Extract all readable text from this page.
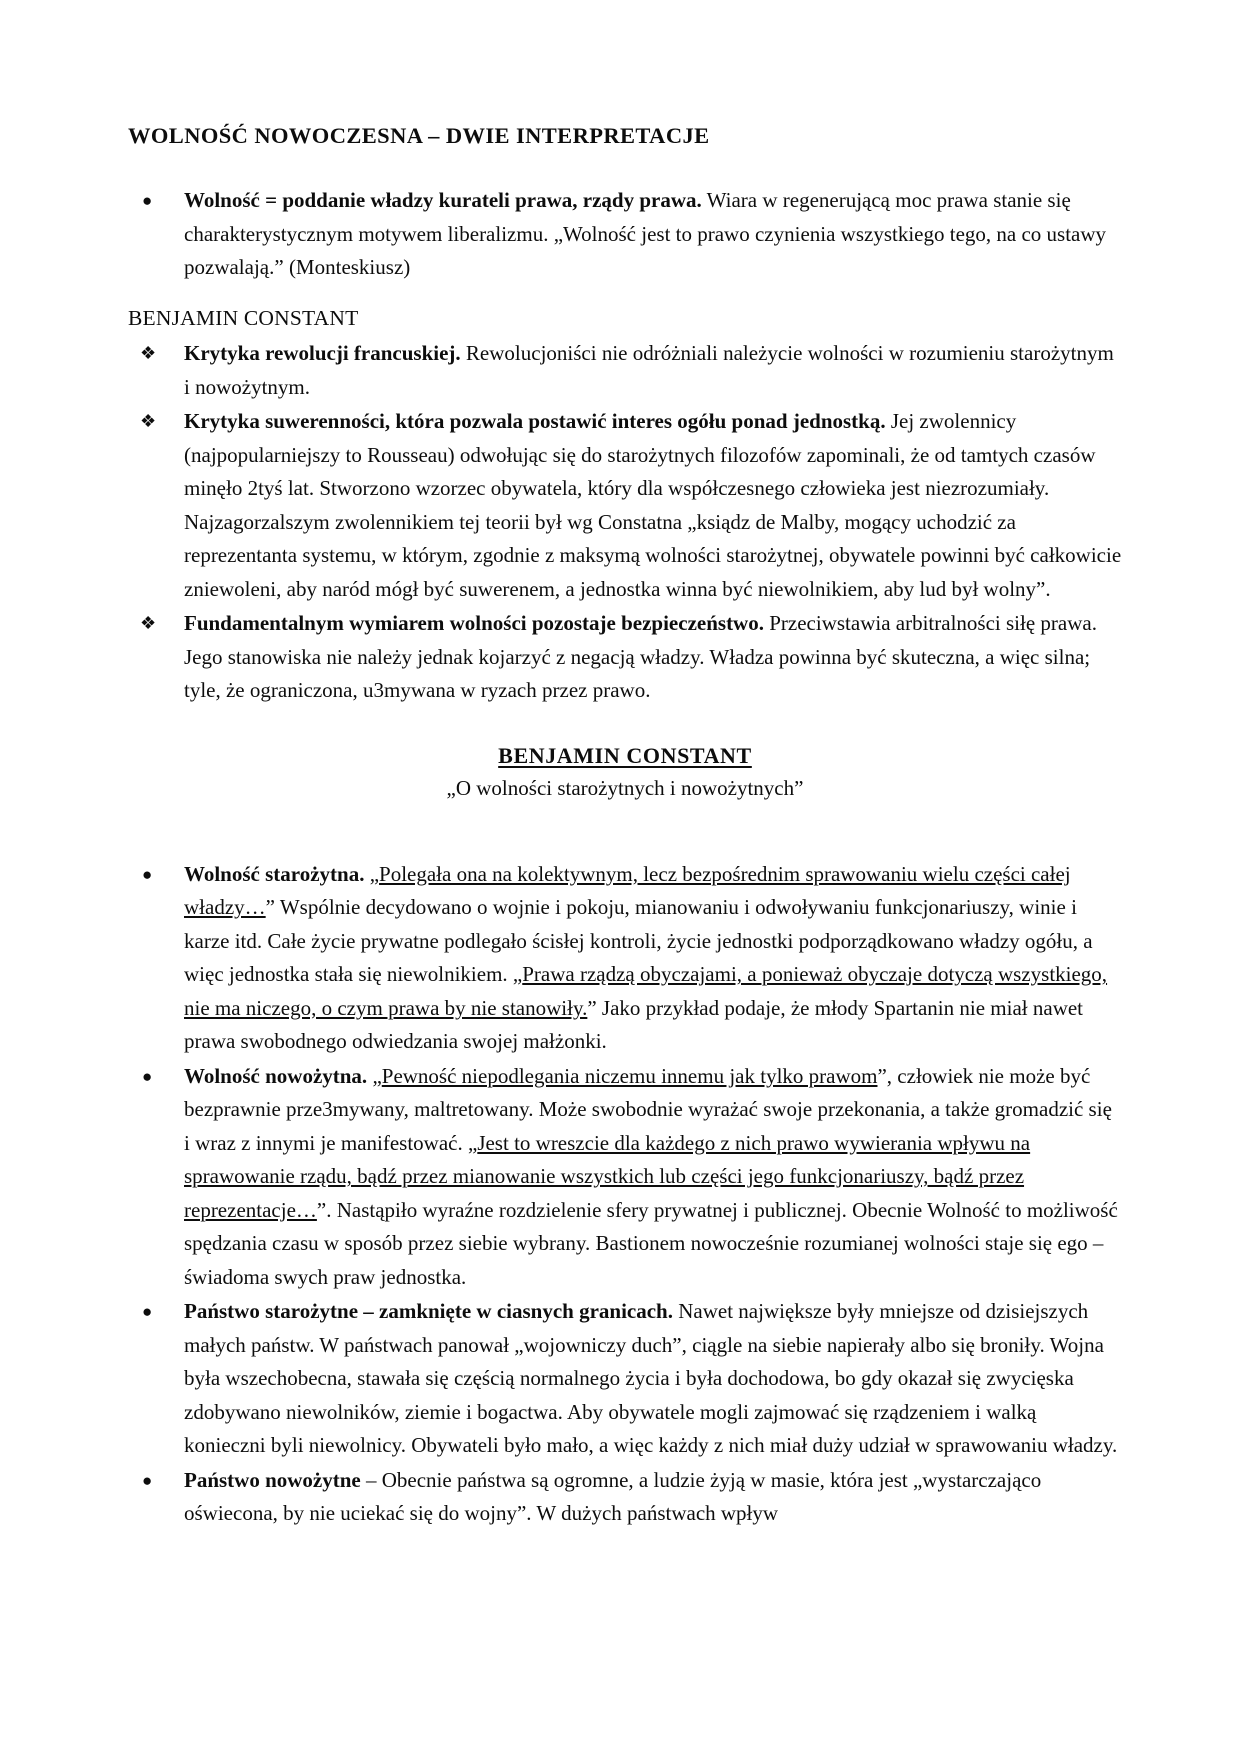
WOLNOŚĆ NOWOCZESNA – DWIE INTERPRETACJE
●	Wolność = poddanie władzy kurateli prawa, rządy prawa. Wiara w regenerującą moc prawa stanie się charakterystycznym motywem liberalizmu. „Wolność jest to prawo czynienia wszystkiego tego, na co ustawy pozwalają.” (Monteskiusz)
BENJAMIN CONSTANT
❖	Krytyka rewolucji francuskiej. Rewolucjoniści nie odróżniali należycie wolności w rozumieniu starożytnym i nowożytnym.
❖	Krytyka suwerenności, która pozwala postawić interes ogółu ponad jednostką. Jej zwolennicy (najpopularniejszy to Rousseau) odwołując się do starożytnych filozofów zapominali, że od tamtych czasów minęło 2tyś lat. Stworzono wzorzec obywatela, który dla współczesnego człowieka jest niezrozumiały. Najzagorzalszym zwolennikiem tej teorii był wg Constatna „ksiądz de Malby, mogący uchodzić za reprezentanta systemu, w którym, zgodnie z maksymą wolności starożytnej, obywatele powinni być całkowicie zniewoleni, aby naród mógł być suwerenem, a jednostka winna być niewolnikiem, aby lud był wolny”.
❖	Fundamentalnym wymiarem wolności pozostaje bezpieczeństwo. Przeciwstawia arbitralności siłę prawa. Jego stanowiska nie należy jednak kojarzyć z negacją władzy. Władza powinna być skuteczna, a więc silna; tyle, że ograniczona, u3mywana w ryzach przez prawo.
BENJAMIN CONSTANT
„O wolności starożytnych i nowożytnych”
●	Wolność starożytna. „Polegała ona na kolektywnym, lecz bezpośrednim sprawowaniu wielu części całej władzy…” Wspólnie decydowano o wojnie i pokoju, mianowaniu i odwoływaniu funkcjonariuszy, winie i karze itd. Całe życie prywatne podlegało ścisłej kontroli, życie jednostki podporządkowano władzy ogółu, a więc jednostka stała się niewolnikiem. „Prawa rządzą obyczajami, a ponieważ obyczaje dotyczą wszystkiego, nie ma niczego, o czym prawa by nie stanowiły.” Jako przykład podaje, że młody Spartanin nie miał nawet prawa swobodnego odwiedzania swojej małżonki.
●	Wolność nowożytna. „Pewność niepodlegania niczemu innemu jak tylko prawom”, człowiek nie może być bezprawnie prze3mywany, maltretowany. Może swobodnie wyrażać swoje przekonania, a także gromadzić się i wraz z innymi je manifestować. „Jest to wreszcie dla każdego z nich prawo wywierania wpływu na sprawowanie rządu, bądź przez mianowanie wszystkich lub części jego funkcjonariuszy, bądź przez reprezentacje…”. Nastąpiło wyraźne rozdzielenie sfery prywatnej i publicznej. Obecnie Wolność to możliwość spędzania czasu w sposób przez siebie wybrany. Bastionem nowocześnie rozumianej wolności staje się ego – świadoma swych praw jednostka.
●	Państwo starożytne – zamknięte w ciasnych granicach. Nawet największe były mniejsze od dzisiejszych małych państw. W państwach panował „wojowniczy duch”, ciągle na siebie napierały albo się broniły. Wojna była wszechobecna, stawała się częścią normalnego życia i była dochodowa, bo gdy okazał się zwycięska zdobywano niewolników, ziemie i bogactwa. Aby obywatele mogli zajmować się rządzeniem i walką konieczni byli niewolnicy. Obywateli było mało, a więc każdy z nich miał duży udział w sprawowaniu władzy.
●	Państwo nowożytne – Obecnie państwa są ogromne, a ludzie żyją w masie, która jest „wystarczająco oświecona, by nie uciekać się do wojny”. W dużych państwach wpływ
